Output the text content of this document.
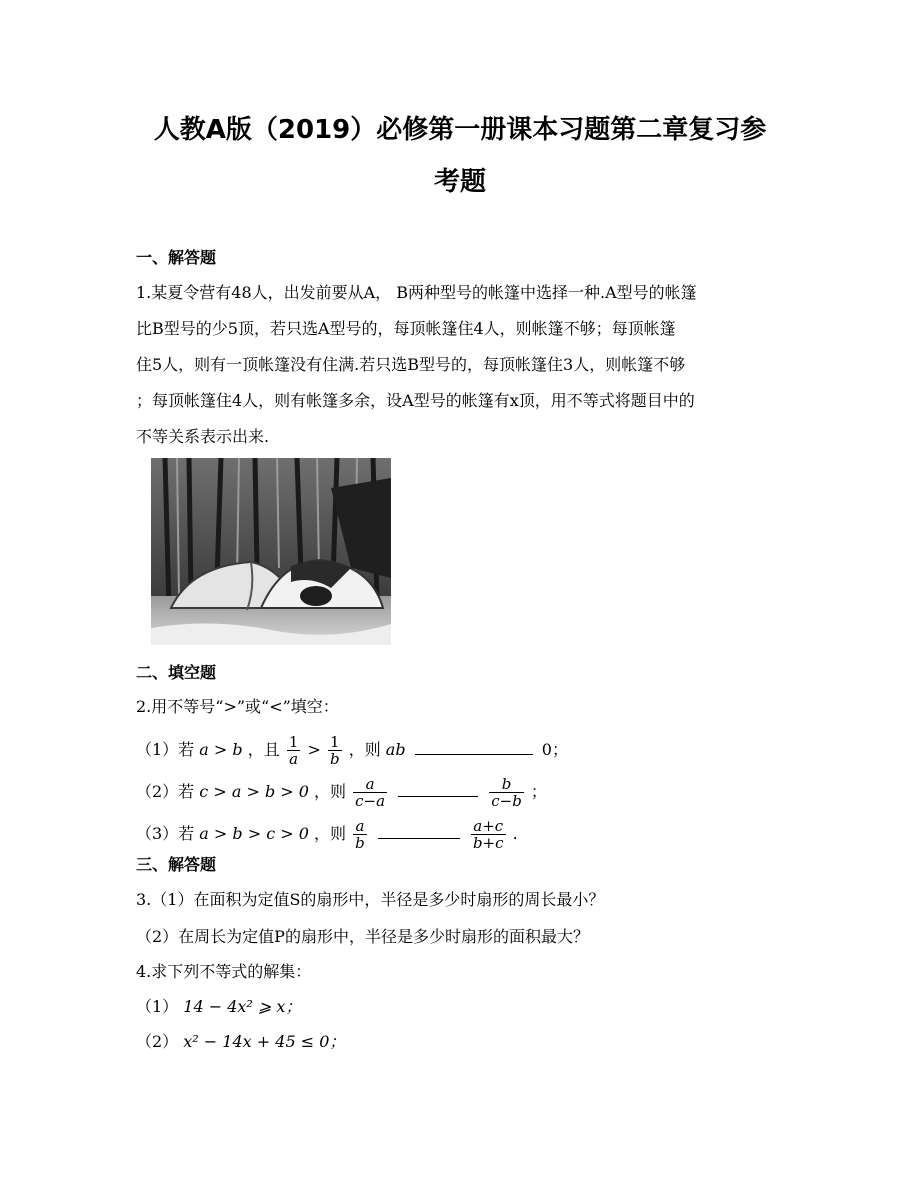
人教A版（2019）必修第一册课本习题第二章复习参
考题
一、解答题
1.某夏令营有48人，出发前要从A， B两种型号的帐篷中选择一种.A型号的帐篷
比B型号的少5顶，若只选A型号的，每顶帐篷住4人，则帐篷不够；每顶帐篷
住5人，则有一顶帐篷没有住满.若只选B型号的，每顶帐篷住3人，则帐篷不够
；每顶帐篷住4人，则有帐篷多余，设A型号的帐篷有x顶，用不等式将题目中的
不等关系表示出来.
二、填空题
2.用不等号“>”或“<”填空：
（1）若 a > b ，且 $\frac{1}{a} > \frac{1}{b}$ ，则 ab	0；
（2）若 c > a > b > 0 ，则 $\frac{a}{c-a}$
	$\frac{b}{c-b}$ ；
（3）若 a > b > c > 0 ，则 $\frac{a}{b}$
	$\frac{a+c}{b+c}$ .
三、解答题
3.（1）在面积为定值S的扇形中，半径是多少时扇形的周长最小？
（2）在周长为定值P的扇形中，半径是多少时扇形的面积最大？
4.求下列不等式的解集：
（1） 14 − 4x² ⩾ x；
（2） x² − 14x + 45 ≤ 0；
